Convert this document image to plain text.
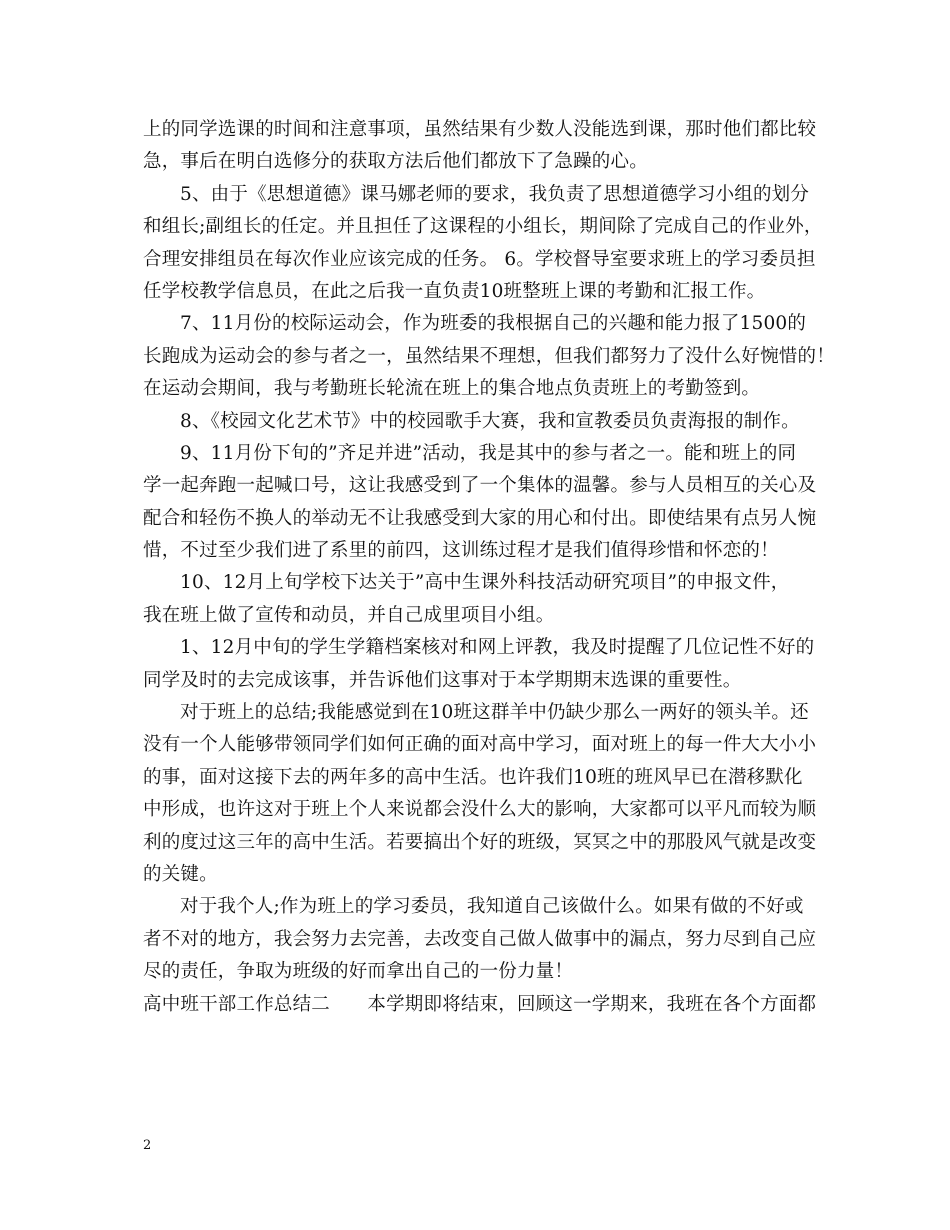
上的同学选课的时间和注意事项，虽然结果有少数人没能选到课，那时他们都比较
急，事后在明白选修分的获取方法后他们都放下了急躁的心。
5、由于《思想道德》课马娜老师的要求，我负责了思想道德学习小组的划分
和组长;副组长的任定。并且担任了这课程的小组长，期间除了完成自己的作业外，
合理安排组员在每次作业应该完成的任务。 6。学校督导室要求班上的学习委员担
任学校教学信息员，在此之后我一直负责10班整班上课的考勤和汇报工作。
7、11月份的校际运动会，作为班委的我根据自己的兴趣和能力报了1500的
长跑成为运动会的参与者之一，虽然结果不理想，但我们都努力了没什么好惋惜的！
在运动会期间，我与考勤班长轮流在班上的集合地点负责班上的考勤签到。
8、《校园文化艺术节》中的校园歌手大赛，我和宣教委员负责海报的制作。
9、11月份下旬的”齐足并进”活动，我是其中的参与者之一。能和班上的同
学一起奔跑一起喊口号，这让我感受到了一个集体的温馨。参与人员相互的关心及
配合和轻伤不换人的举动无不让我感受到大家的用心和付出。即使结果有点另人惋
惜，不过至少我们进了系里的前四，这训练过程才是我们值得珍惜和怀恋的！
10、12月上旬学校下达关于”高中生课外科技活动研究项目”的申报文件，
我在班上做了宣传和动员，并自己成里项目小组。
1、12月中旬的学生学籍档案核对和网上评教，我及时提醒了几位记性不好的
同学及时的去完成该事，并告诉他们这事对于本学期期末选课的重要性。
对于班上的总结;我能感觉到在10班这群羊中仍缺少那么一两好的领头羊。还
没有一个人能够带领同学们如何正确的面对高中学习，面对班上的每一件大大小小
的事，面对这接下去的两年多的高中生活。也许我们10班的班风早已在潜移默化
中形成，也许这对于班上个人来说都会没什么大的影响，大家都可以平凡而较为顺
利的度过这三年的高中生活。若要搞出个好的班级，冥冥之中的那股风气就是改变
的关键。
对于我个人;作为班上的学习委员，我知道自己该做什么。如果有做的不好或
者不对的地方，我会努力去完善，去改变自己做人做事中的漏点，努力尽到自己应
尽的责任，争取为班级的好而拿出自己的一份力量！
高中班干部工作总结二　　本学期即将结束，回顾这一学期来，我班在各个方面都
2
